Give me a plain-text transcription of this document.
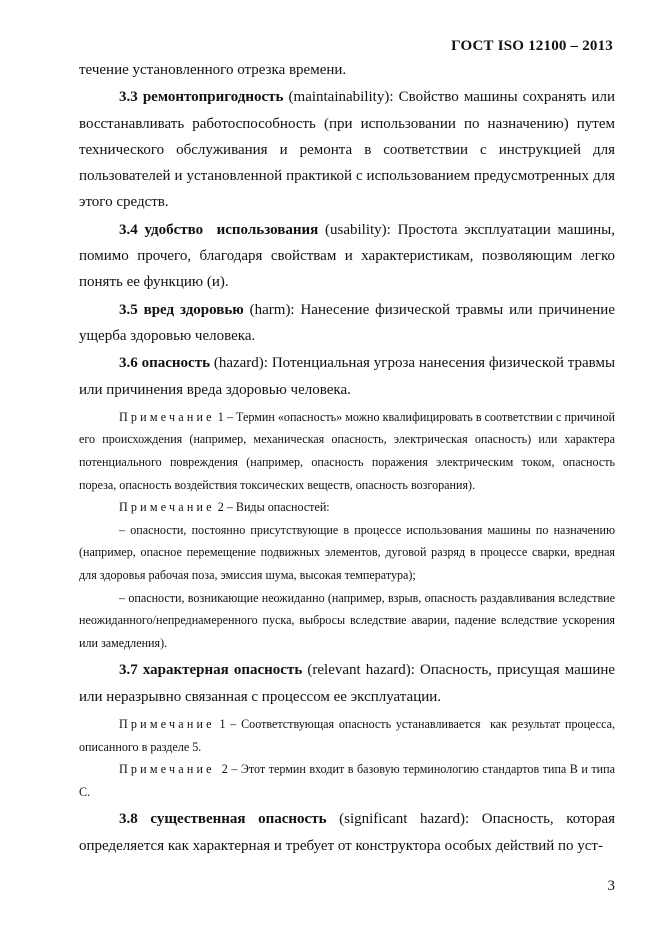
ГОСТ ISO 12100 – 2013

течение установленного отрезка времени.

3.3 ремонтопригодность (maintainability): Свойство машины сохранять или восстанавливать работоспособность (при использовании по назначению) путем технического обслуживания и ремонта в соответствии с инструкцией для пользователей и установленной практикой с использованием предусмотренных для этого средств.

3.4 удобство  использования (usability): Простота эксплуатации машины, помимо прочего, благодаря свойствам и характеристикам, позволяющим легко понять ее функцию (и).

3.5 вред здоровью (harm): Нанесение физической травмы или причинение ущерба здоровью человека.

3.6 опасность (hazard): Потенциальная угроза нанесения физической травмы или причинения вреда здоровью человека.

Примечание 1 – Термин «опасность» можно квалифицировать в соответствии с причиной его происхождения (например, механическая опасность, электрическая опасность) или характера потенциального повреждения (например, опасность поражения электрическим током, опасность пореза, опасность воздействия токсических веществ, опасность возгорания).

Примечание 2 – Виды опасностей:

– опасности, постоянно присутствующие в процессе использования машины по назначению (например, опасное перемещение подвижных элементов, дуговой разряд в процессе сварки, вредная для здоровья рабочая поза, эмиссия шума, высокая температура);

– опасности, возникающие неожиданно (например, взрыв, опасность раздавливания вследствие неожиданного/непреднамеренного пуска, выбросы вследствие аварии, падение вследствие ускорения или замедления).

3.7 характерная опасность (relevant hazard): Опасность, присущая машине или неразрывно связанная с процессом ее эксплуатации.

Примечание 1 – Соответствующая опасность устанавливается  как результат процесса, описанного в разделе 5.

Примечание  2 – Этот термин входит в базовую терминологию стандартов типа В и типа С.

3.8 существенная опасность (significant hazard): Опасность, которая определяется как характерная и требует от конструктора особых действий по уст-

3
